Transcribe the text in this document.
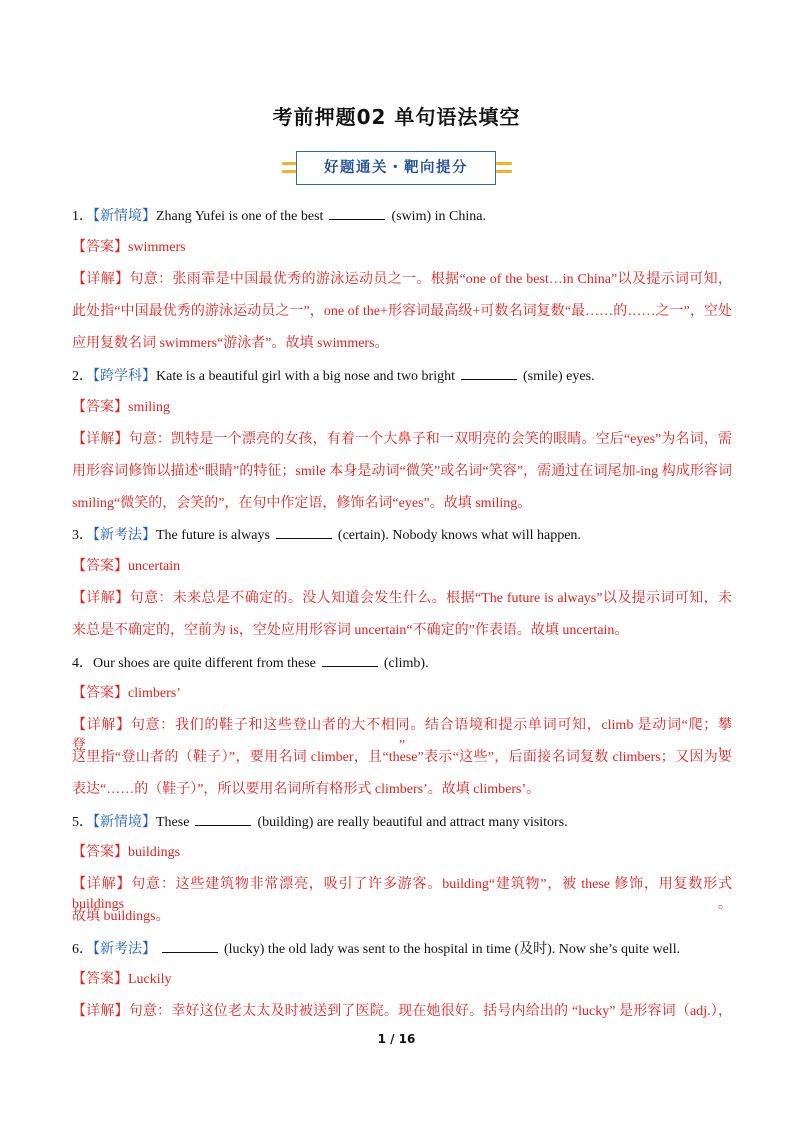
考前押题02 单句语法填空
好题通关・靶向提分
1．【新情境】Zhang Yufei is one of the best	(swim) in China.
【答案】swimmers
【详解】句意：张雨霏是中国最优秀的游泳运动员之一。根据“one of the best…in China”以及提示词可知，
此处指“中国最优秀的游泳运动员之一”，one of the+形容词最高级+可数名词复数“最……的……之一”，空处
应用复数名词 swimmers“游泳者”。故填 swimmers。
2．【跨学科】Kate is a beautiful girl with a big nose and two bright	(smile) eyes.
【答案】smiling
【详解】句意：凯特是一个漂亮的女孩，有着一个大鼻子和一双明亮的会笑的眼睛。空后“eyes”为名词，需
用形容词修饰以描述“眼睛”的特征；smile 本身是动词“微笑”或名词“笑容”，需通过在词尾加-ing 构成形容词
smiling“微笑的，会笑的”，在句中作定语，修饰名词“eyes”。故填 smiling。
3．【新考法】The future is always	(certain). Nobody knows what will happen.
【答案】uncertain
【详解】句意：未来总是不确定的。没人知道会发生什么。根据“The future is always”以及提示词可知，未
来总是不确定的，空前为 is，空处应用形容词 uncertain“不确定的”作表语。故填 uncertain。
4．Our shoes are quite different from these	(climb).
【答案】climbers’
【详解】句意：我们的鞋子和这些登山者的大不相同。结合语境和提示单词可知，climb 是动词“爬；攀登”，
这里指“登山者的（鞋子）”，要用名词 climber，且“these”表示“这些”，后面接名词复数 climbers；又因为要
表达“……的（鞋子）”，所以要用名词所有格形式 climbers’。故填 climbers’。
5．【新情境】These	(building) are really beautiful and attract many visitors.
【答案】buildings
【详解】句意：这些建筑物非常漂亮，吸引了许多游客。building“建筑物”，被 these 修饰，用复数形式 buildings。
故填 buildings。
6．【新考法】	(lucky) the old lady was sent to the hospital in time (及时). Now she’s quite well.
【答案】Luckily
【详解】句意：幸好这位老太太及时被送到了医院。现在她很好。括号内给出的 “lucky” 是形容词（adj.），
1 / 16
